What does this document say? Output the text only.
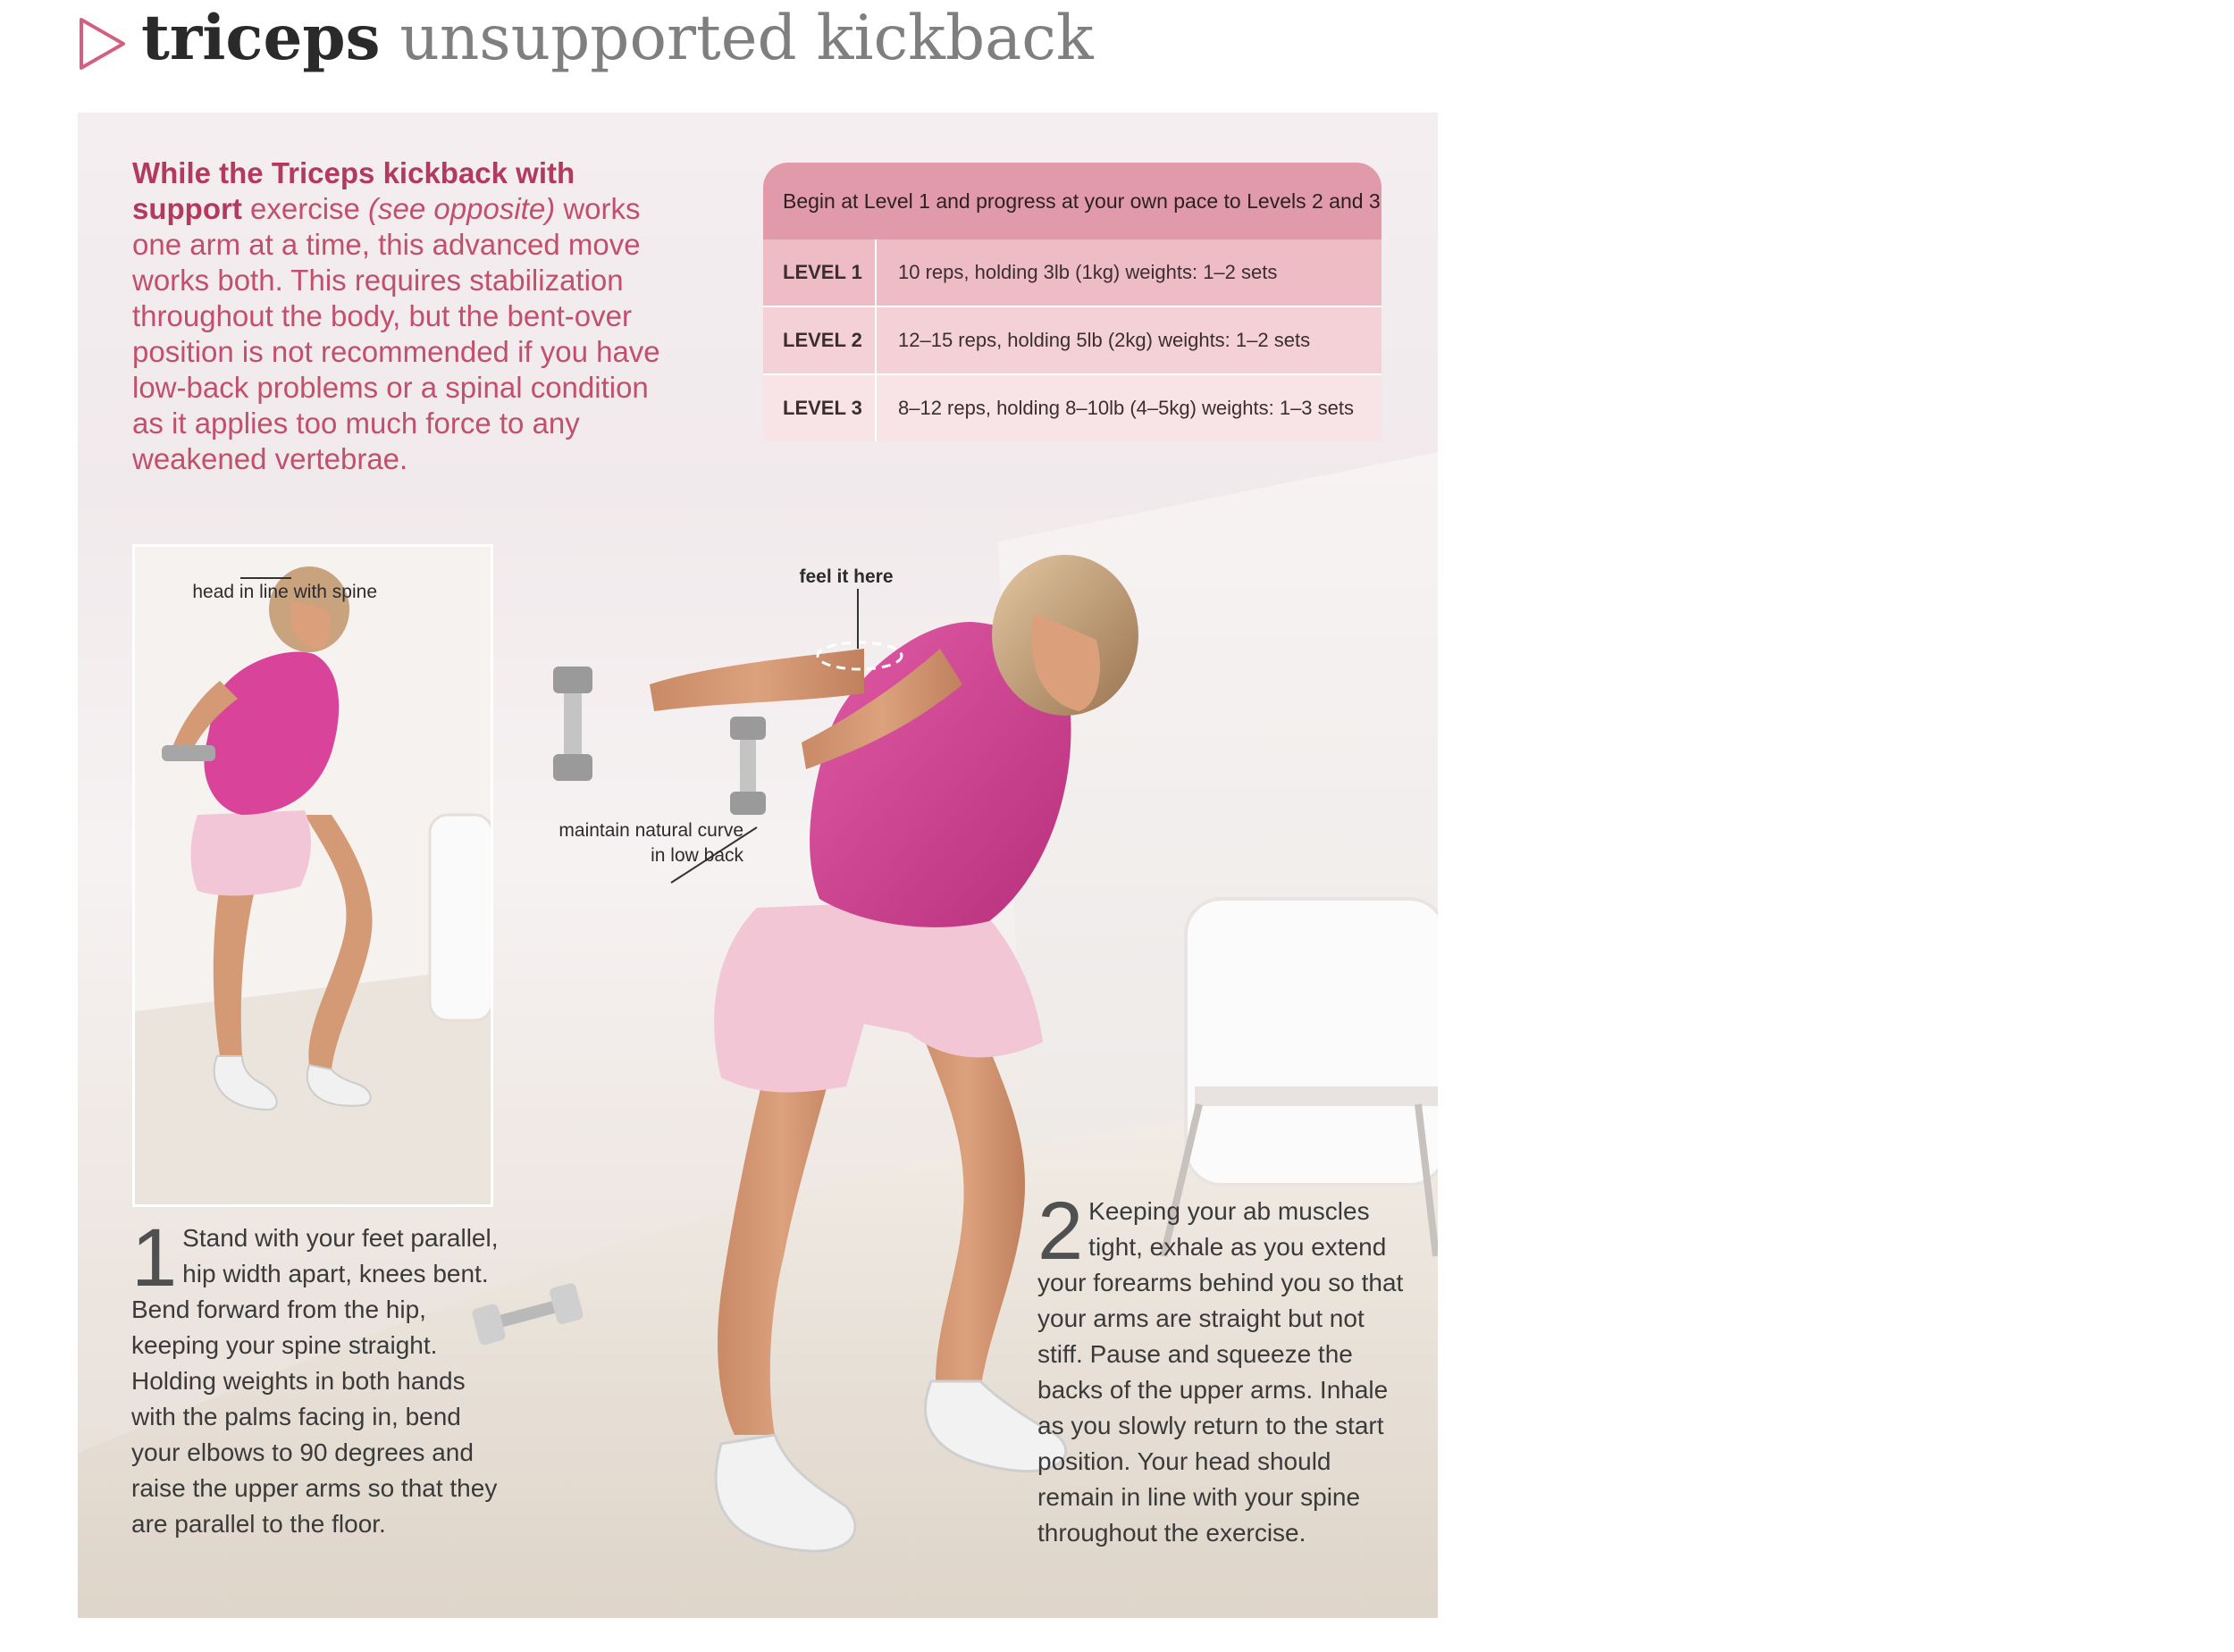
triceps unsupported kickback
While the Triceps kickback with support exercise (see opposite) works one arm at a time, this advanced move works both. This requires stabilization throughout the body, but the bent-over position is not recommended if you have low-back problems or a spinal condition as it applies too much force to any weakened vertebrae.
Begin at Level 1 and progress at your own pace to Levels 2 and 3
LEVEL 1	10 reps, holding 3lb (1kg) weights: 1–2 sets
LEVEL 2	12–15 reps, holding 5lb (2kg) weights: 1–2 sets
LEVEL 3	8–12 reps, holding 8–10lb (4–5kg) weights: 1–3 sets
head in line with spine
feel it here
maintain natural curve in low back
1 Stand with your feet parallel, hip width apart, knees bent. Bend forward from the hip, keeping your spine straight. Holding weights in both hands with the palms facing in, bend your elbows to 90 degrees and raise the upper arms so that they are parallel to the floor.
2 Keeping your ab muscles tight, exhale as you extend your forearms behind you so that your arms are straight but not stiff. Pause and squeeze the backs of the upper arms. Inhale as you slowly return to the start position. Your head should remain in line with your spine throughout the exercise.
